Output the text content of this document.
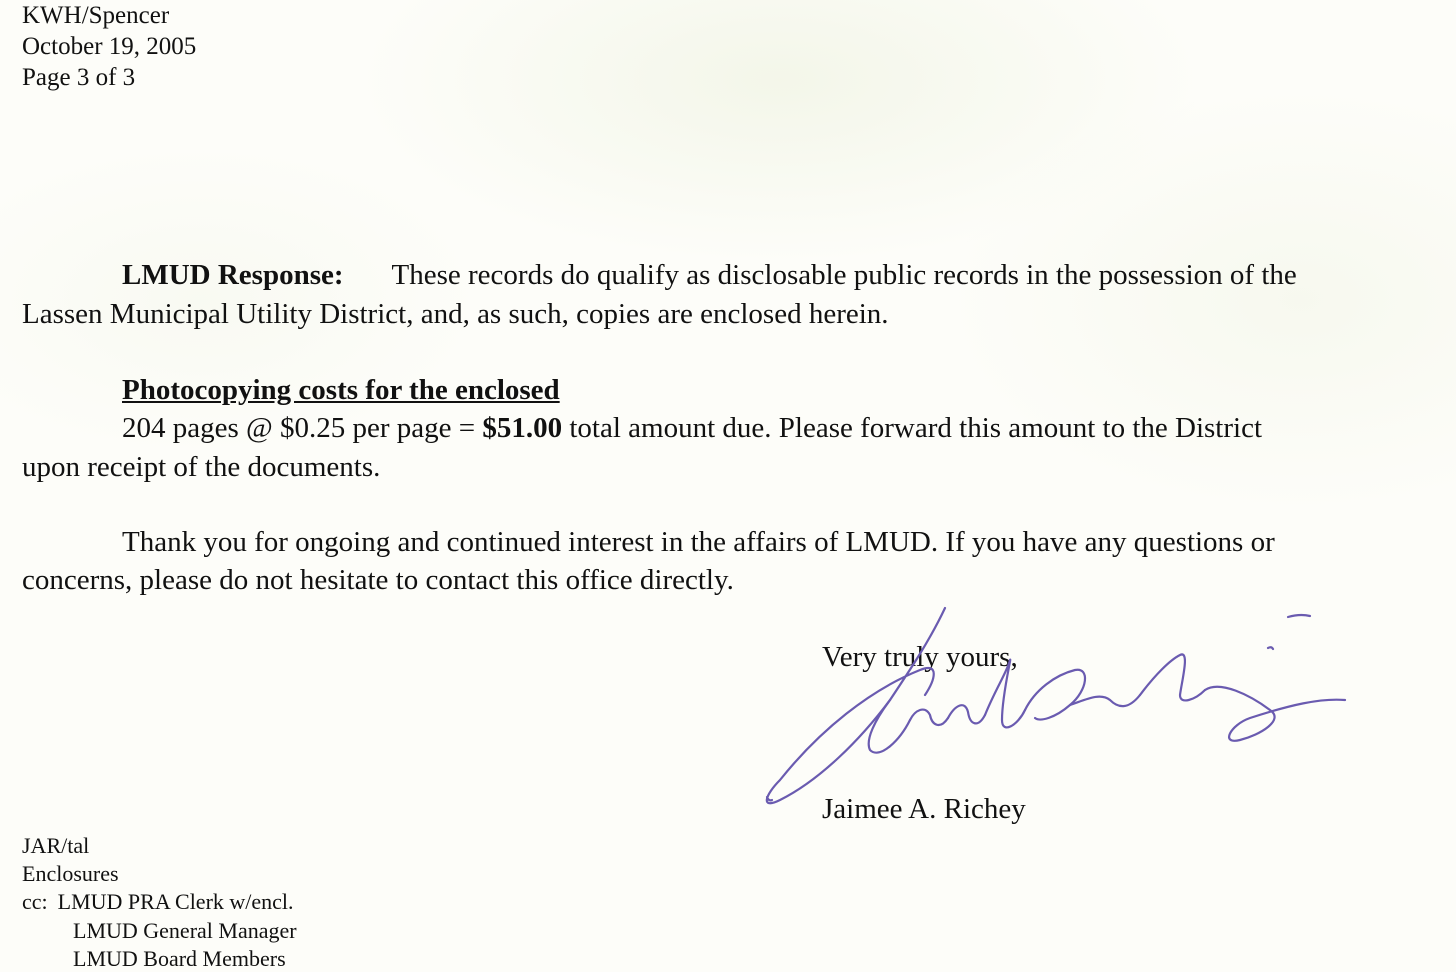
KWH/Spencer
October 19, 2005
Page 3 of 3
LMUD Response: These records do qualify as disclosable public records in the possession of the
Lassen Municipal Utility District, and, as such, copies are enclosed herein.
Photocopying costs for the enclosed
204 pages @ $0.25 per page = $51.00 total amount due. Please forward this amount to the District
upon receipt of the documents.
Thank you for ongoing and continued interest in the affairs of LMUD. If you have any questions or
concerns, please do not hesitate to contact this office directly.
Very truly yours,
Jaimee A. Richey
JAR/tal
Enclosures
cc: LMUD PRA Clerk w/encl.
LMUD General Manager
LMUD Board Members
